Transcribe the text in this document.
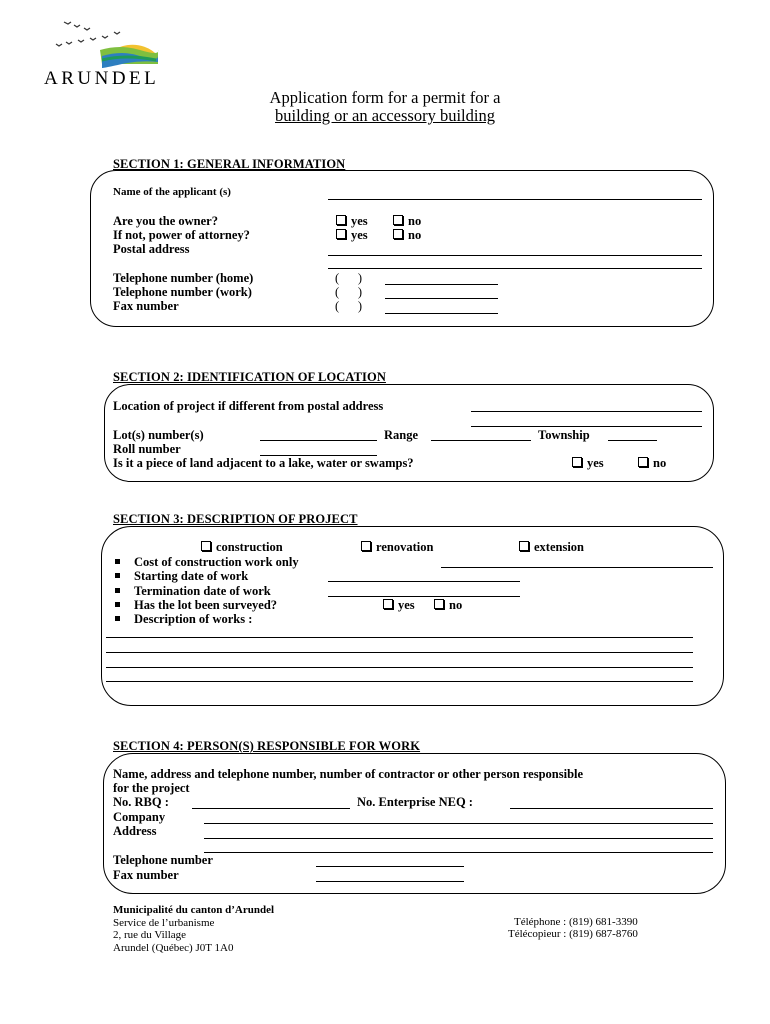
ARUNDEL
Application form for a permit for a
building or an accessory building
SECTION 1: GENERAL INFORMATION
Name of the applicant (s)
Are you the owner?	yes	no
If not, power of attorney?	yes	no
Postal address
Telephone number (home)	(      )
Telephone number (work)	(      )
Fax number	(      )
SECTION 2: IDENTIFICATION OF LOCATION
Location of project if different from postal address
Lot(s) number(s)	Range	Township
Roll number
Is it a piece of land adjacent to a lake, water or swamps?	yes	no
SECTION 3: DESCRIPTION OF PROJECT
construction	renovation	extension
Cost of construction work only
Starting date of work
Termination date of work
Has the lot been surveyed?	yes	no
Description of works :
SECTION 4: PERSON(S) RESPONSIBLE FOR WORK
Name, address and telephone number, number of contractor or other person responsible
for the project
No. RBQ :	No. Enterprise NEQ :
Company
Address
Telephone number
Fax number
Municipalité du canton d’Arundel
Service de l’urbanisme
2, rue du Village
Arundel (Québec) J0T 1A0
Téléphone : (819) 681-3390
Télécopieur : (819) 687-8760
